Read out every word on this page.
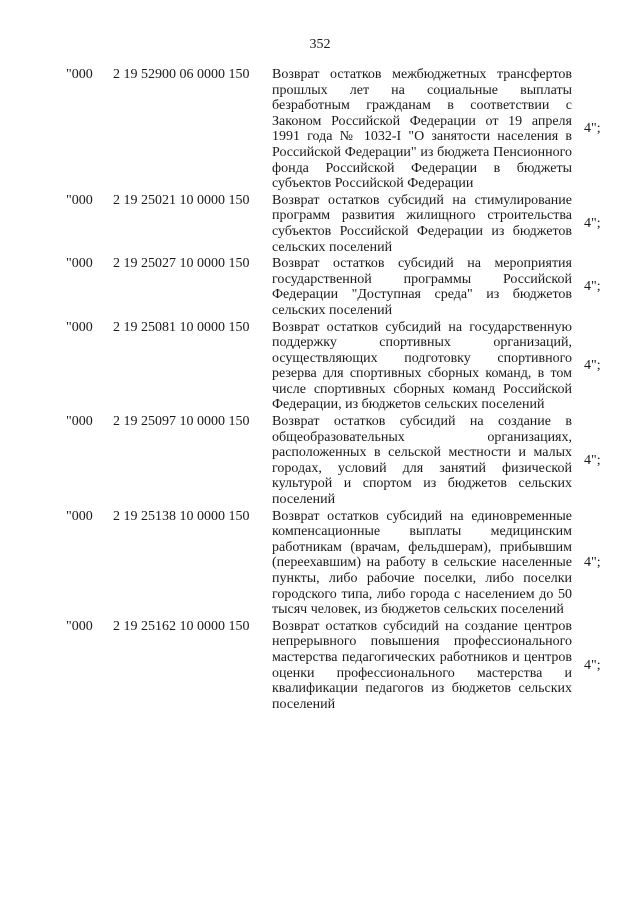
352
"000 2 19 52900 06 0000 150 Возврат остатков межбюджетных трансфертов прошлых лет на социальные выплаты безработным гражданам в соответствии с Законом Российской Федерации от 19 апреля 1991 года № 1032-I "О занятости населения в Российской Федерации" из бюджета Пенсионного фонда Российской Федерации в бюджеты субъектов Российской Федерации
4";
"000 2 19 25021 10 0000 150 Возврат остатков субсидий на стимулирование программ развития жилищного строительства субъектов Российской Федерации из бюджетов сельских поселений
4";
"000 2 19 25027 10 0000 150 Возврат остатков субсидий на мероприятия государственной программы Российской Федерации "Доступная среда" из бюджетов сельских поселений
4";
"000 2 19 25081 10 0000 150 Возврат остатков субсидий на государственную поддержку спортивных организаций, осуществляющих подготовку спортивного резерва для спортивных сборных команд, в том числе спортивных сборных команд Российской Федерации, из бюджетов сельских поселений
4";
"000 2 19 25097 10 0000 150 Возврат остатков субсидий на создание в общеобразовательных организациях, расположенных в сельской местности и малых городах, условий для занятий физической культурой и спортом из бюджетов сельских поселений
4";
"000 2 19 25138 10 0000 150 Возврат остатков субсидий на единовременные компенсационные выплаты медицинским работникам (врачам, фельдшерам), прибывшим (переехавшим) на работу в сельские населенные пункты, либо рабочие поселки, либо поселки городского типа, либо города с населением до 50 тысяч человек, из бюджетов сельских поселений
4";
"000 2 19 25162 10 0000 150 Возврат остатков субсидий на создание центров непрерывного повышения профессионального мастерства педагогических работников и центров оценки профессионального мастерства и квалификации педагогов из бюджетов сельских поселений
4";
